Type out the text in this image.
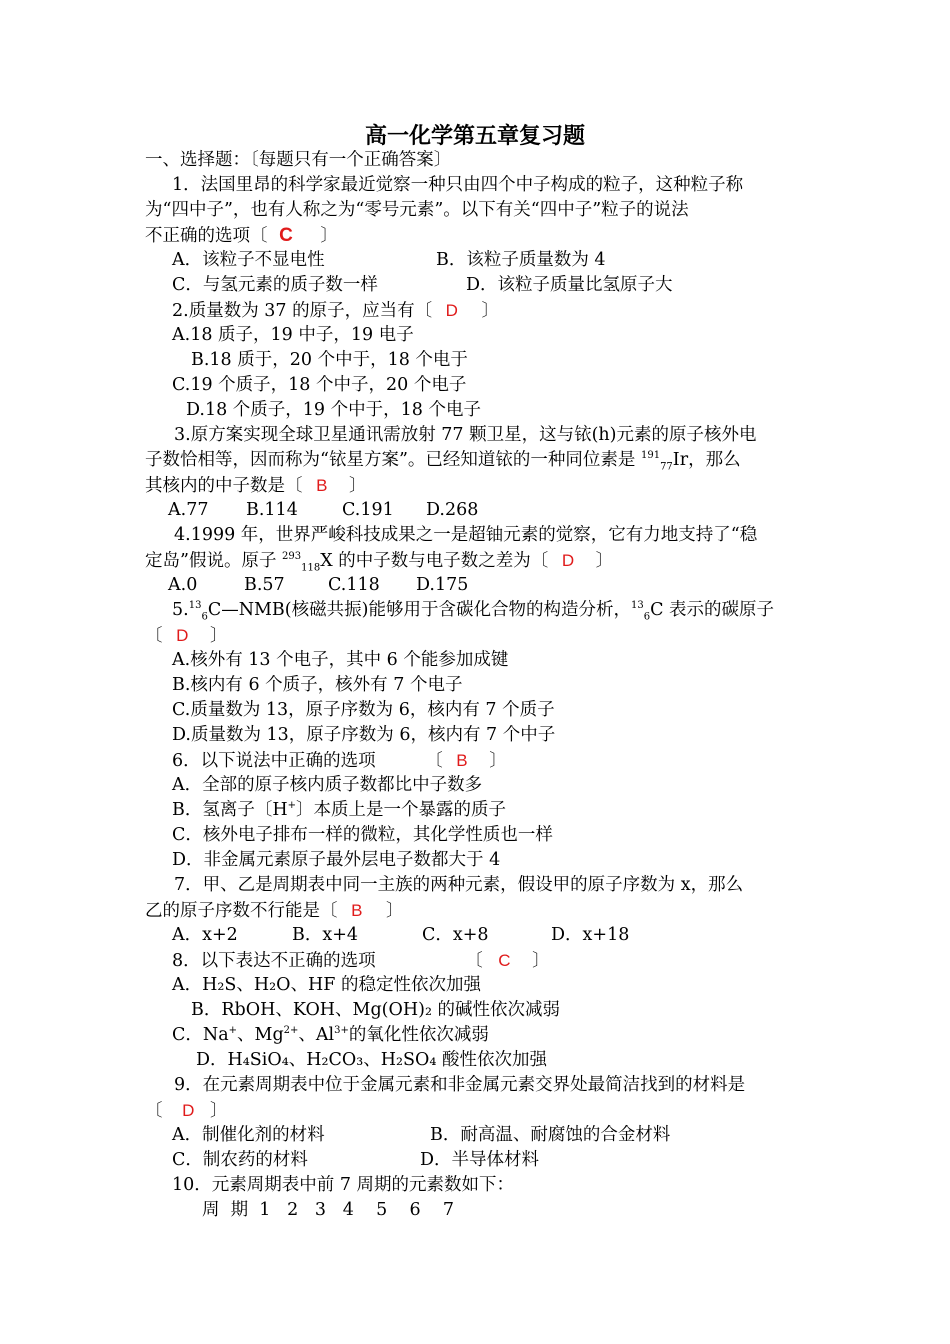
高一化学第五章复习题
一、选择题：〔每题只有一个正确答案〕
1．法国里昂的科学家最近觉察一种只由四个中子构成的粒子，这种粒子称
为“四中子”，也有人称之为“零号元素”。以下有关“四中子”粒子的说法
不正确的选项〔 C 〕
A．该粒子不显电性	B．该粒子质量数为 4
C．与氢元素的质子数一样	D．该粒子质量比氢原子大
2.质量数为 37 的原子，应当有〔 D 〕
A.18 质子，19 中子，19 电子
B.18 质于，20 个中于，18 个电于
C.19 个质子，18 个中子，20 个电子
D.18 个质子，19 个中于，18 个电子
3.原方案实现全球卫星通讯需放射 77 颗卫星，这与铱(h)元素的原子核外电
子数恰相等，因而称为“铱星方案”。已经知道铱的一种同位素是 $^{191}_{77}$Ir，那么
其核内的中子数是〔 B 〕
A.77 B.114	C.191 D.268
4.1999 年，世界严峻科技成果之一是超铀元素的觉察，它有力地支持了“稳
定岛”假说。原子 $^{293}_{118}$X 的中子数与电子数之差为〔 D 〕
A.0	B.57 C.118 D.175
$5.13_6C—NMB$(核磁共振)能够用于含碳化合物的构造分析，$^{13}_6$C 表示的碳原子
〔 D 〕
A.核外有 13 个电子，其中 6 个能参加成键
B.核内有 6 个质子，核外有 7 个电子
C.质量数为 13，原子序数为 6，核内有 7 个质子
D.质量数为 13，原子序数为 6，核内有 7 个中子
6．以下说法中正确的选项	〔 B 〕
A．全部的原子核内质子数都比中子数多
B．氢离子〔H+〕本质上是一个暴露的质子
C．核外电子排布一样的微粒，其化学性质也一样
D．非金属元素原子最外层电子数都大于 4
7．甲、乙是周期表中同一主族的两种元素，假设甲的原子序数为 x，那么
乙的原子序数不行能是〔 B 〕
A．x+2	B．x+4	C．x+8	D．x+18
8．以下表达不正确的选项	〔 C 〕
A．H₂S、H₂O、HF 的稳定性依次加强
B．RbOH、KOH、Mg(OH)₂ 的碱性依次减弱
C．Na+、$Mg^{2+}$、$Al^{3+}$的氧化性依次减弱
D．H₄SiO₄、H₂CO₃、H₂SO₄ 酸性依次加强
9．在元素周期表中位于金属元素和非金属元素交界处最简洁找到的材料是
〔 D 〕
A．制催化剂的材料	B．耐高温、耐腐蚀的合金材料
C．制农药的材料	D．半导体材料
10．元素周期表中前 7 周期的元素数如下：
周  期  1   2   3   4    5    6    7
